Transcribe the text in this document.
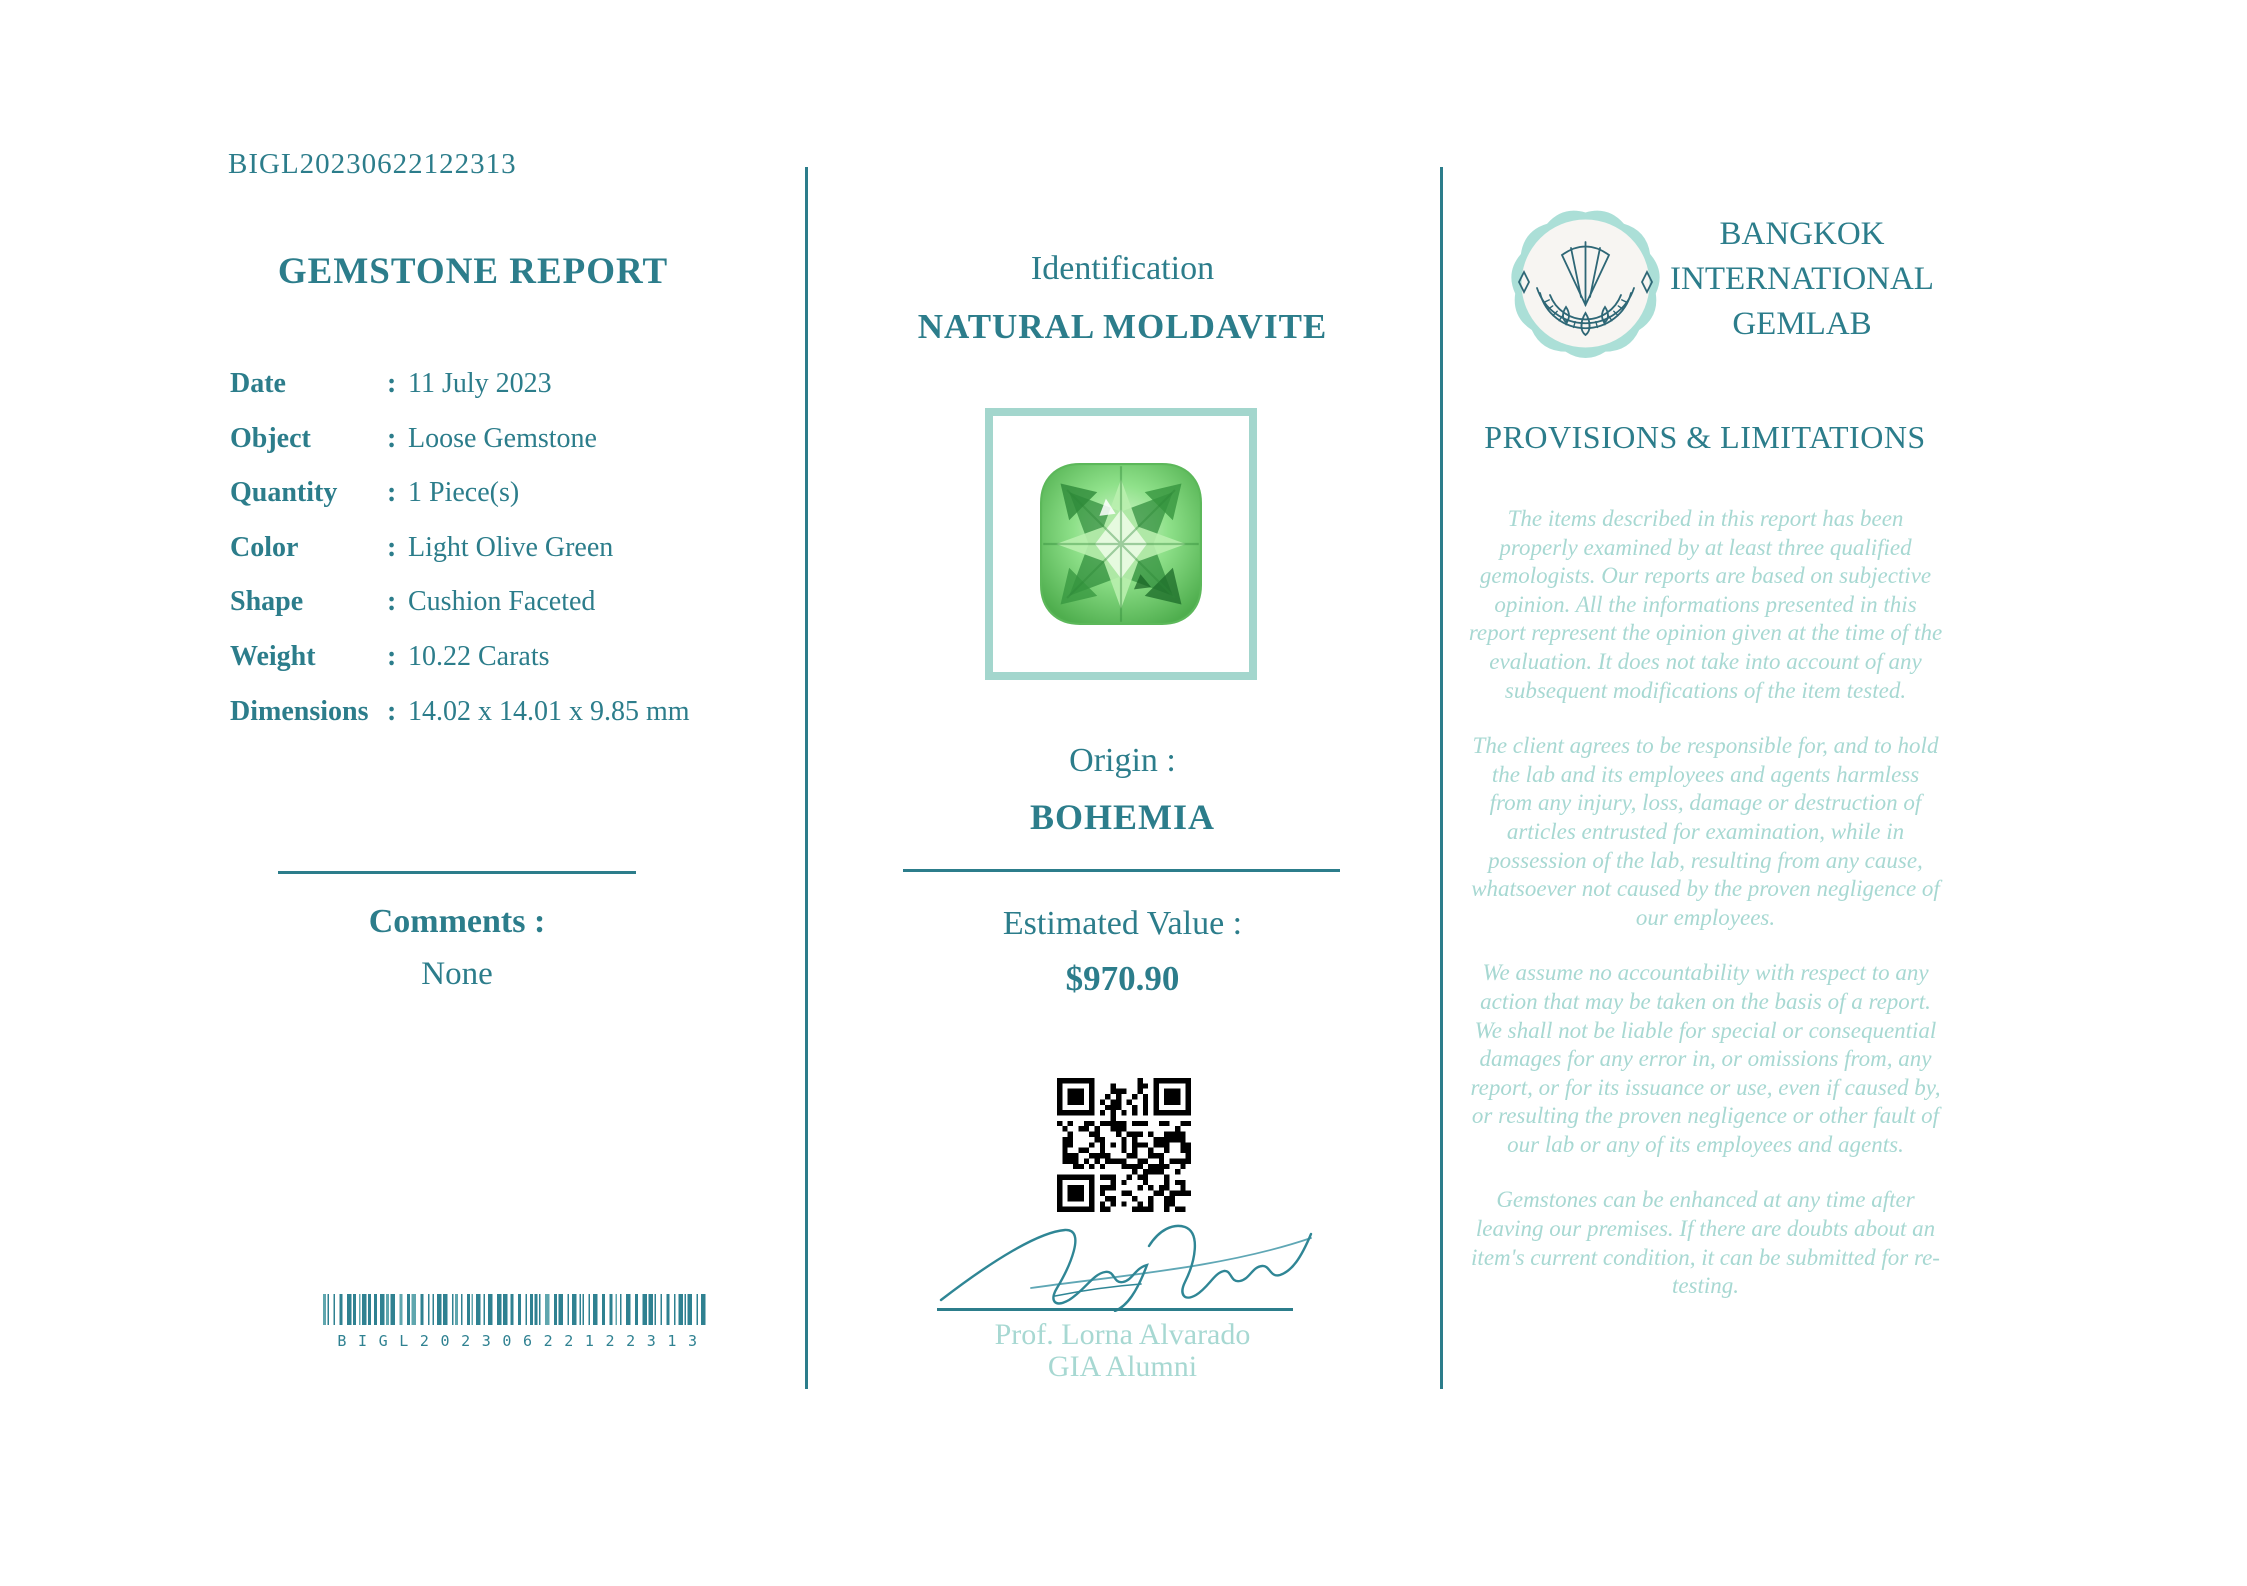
BIGL20230622122313
GEMSTONE REPORT
Date	: 11 July 2023
Object	: Loose Gemstone
Quantity	: 1 Piece(s)
Color	: Light Olive Green
Shape	: Cushion Faceted
Weight	: 10.22 Carats
Dimensions : 14.02 x 14.01 x 9.85 mm
Comments :
None
BIGL20230622122313
Identification
NATURAL MOLDAVITE
Origin :
BOHEMIA
Estimated Value :
$970.90
Prof. Lorna Alvarado
GIA Alumni
BANGKOK
INTERNATIONAL
GEMLAB
PROVISIONS & LIMITATIONS

The items described in this report has been properly examined by at least three qualified gemologists. Our reports are based on subjective opinion. All the informations presented in this report represent the opinion given at the time of the evaluation. It does not take into account of any subsequent modifications of the item tested.

The client agrees to be responsible for, and to hold the lab and its employees and agents harmless from any injury, loss, damage or destruction of articles entrusted for examination, while in possession of the lab, resulting from any cause, whatsoever not caused by the proven negligence of our employees.

We assume no accountability with respect to any action that may be taken on the basis of a report. We shall not be liable for special or consequential damages for any error in, or omissions from, any report, or for its issuance or use, even if caused by, or resulting the proven negligence or other fault of our lab or any of its employees and agents.

Gemstones can be enhanced at any time after leaving our premises. If there are doubts about an item's current condition, it can be submitted for re-testing.
